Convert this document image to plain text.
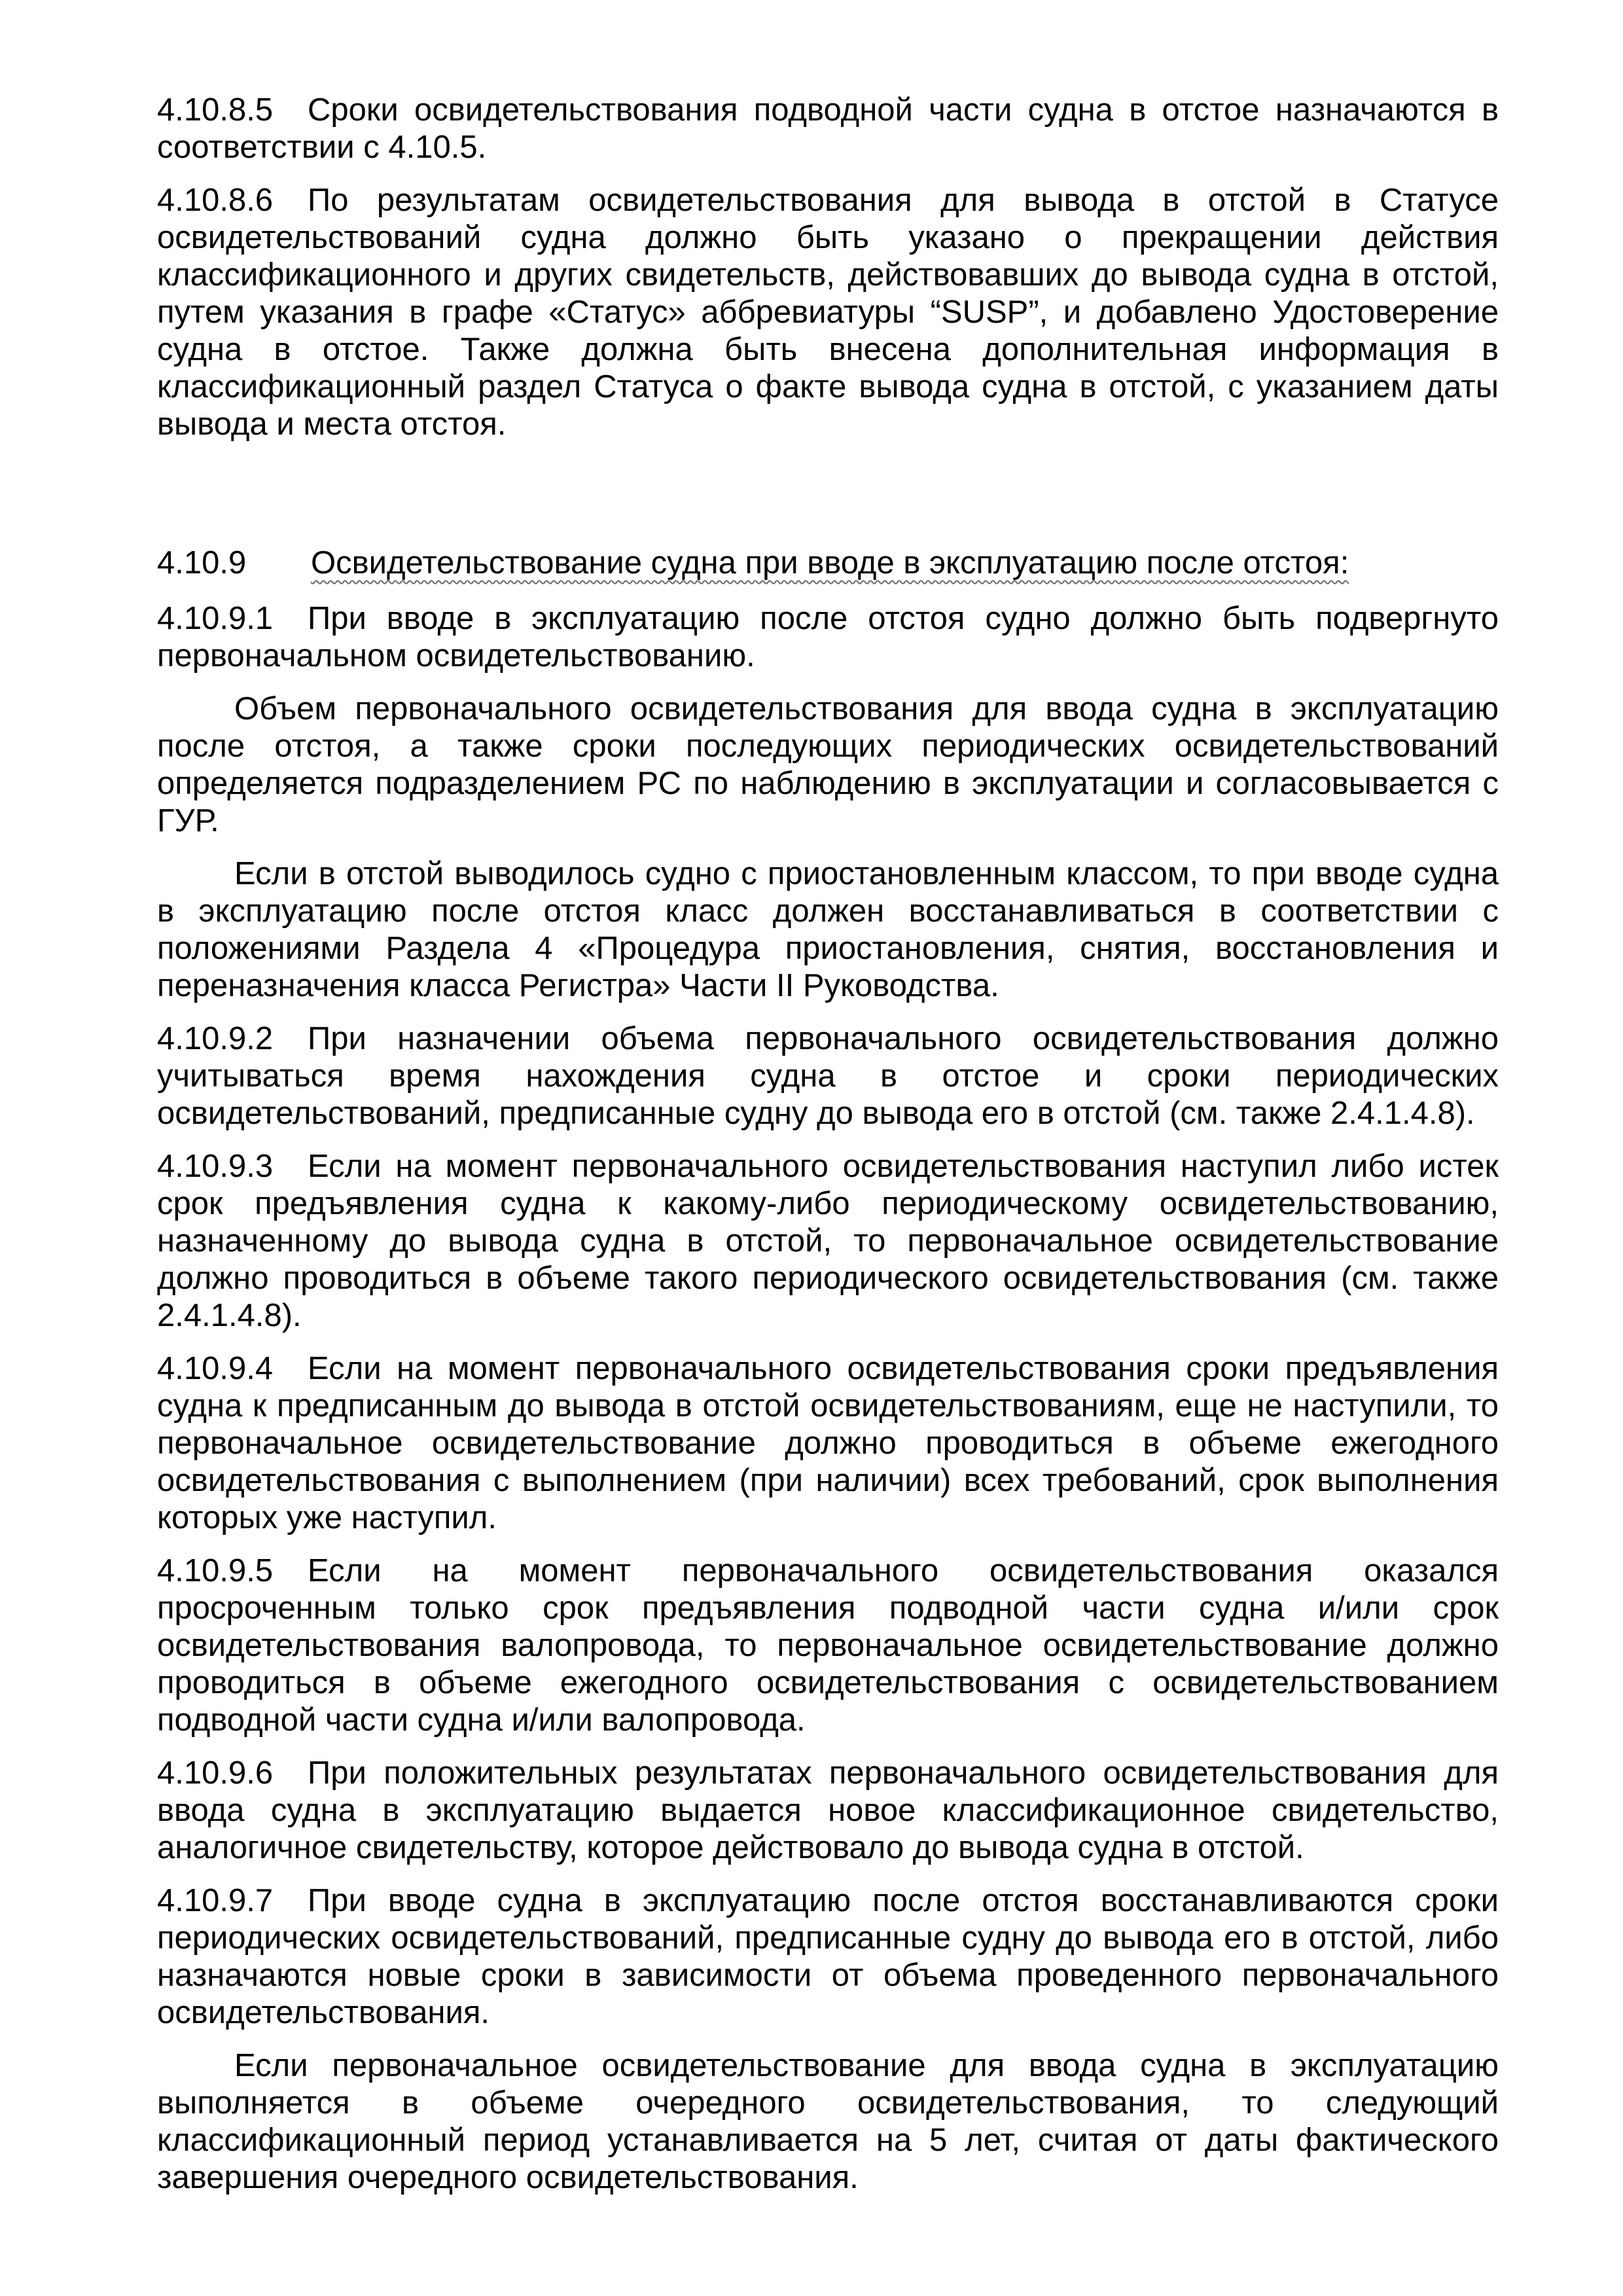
4.10.8.5 Сроки освидетельствования подводной части судна в отстое назначаются в соответствии с 4.10.5.

4.10.8.6 По результатам освидетельствования для вывода в отстой в Статусе освидетельствований судна должно быть указано о прекращении действия классификационного и других свидетельств, действовавших до вывода судна в отстой, путем указания в графе «Статус» аббревиатуры “SUSP”, и добавлено Удостоверение судна в отстое. Также должна быть внесена дополнительная информация в классификационный раздел Статуса о факте вывода судна в отстой, с указанием даты вывода и места отстоя.

4.10.9 Освидетельствование судна при вводе в эксплуатацию после отстоя:

4.10.9.1 При вводе в эксплуатацию после отстоя судно должно быть подвергнуто первоначальном освидетельствованию.

Объем первоначального освидетельствования для ввода судна в эксплуатацию после отстоя, а также сроки последующих периодических освидетельствований определяется подразделением РС по наблюдению в эксплуатации и согласовывается с ГУР.

Если в отстой выводилось судно с приостановленным классом, то при вводе судна в эксплуатацию после отстоя класс должен восстанавливаться в соответствии с положениями Раздела 4 «Процедура приостановления, снятия, восстановления и переназначения класса Регистра» Части II Руководства.

4.10.9.2 При назначении объема первоначального освидетельствования должно учитываться время нахождения судна в отстое и сроки периодических освидетельствований, предписанные судну до вывода его в отстой (см. также 2.4.1.4.8).

4.10.9.3 Если на момент первоначального освидетельствования наступил либо истек срок предъявления судна к какому-либо периодическому освидетельствованию, назначенному до вывода судна в отстой, то первоначальное освидетельствование должно проводиться в объеме такого периодического освидетельствования (см. также 2.4.1.4.8).

4.10.9.4 Если на момент первоначального освидетельствования сроки предъявления судна к предписанным до вывода в отстой освидетельствованиям, еще не наступили, то первоначальное освидетельствование должно проводиться в объеме ежегодного освидетельствования с выполнением (при наличии) всех требований, срок выполнения которых уже наступил.

4.10.9.5 Если на момент первоначального освидетельствования оказался просроченным только срок предъявления подводной части судна и/или срок освидетельствования валопровода, то первоначальное освидетельствование должно проводиться в объеме ежегодного освидетельствования с освидетельствованием подводной части судна и/или валопровода.

4.10.9.6 При положительных результатах первоначального освидетельствования для ввода судна в эксплуатацию выдается новое классификационное свидетельство, аналогичное свидетельству, которое действовало до вывода судна в отстой.

4.10.9.7 При вводе судна в эксплуатацию после отстоя восстанавливаются сроки периодических освидетельствований, предписанные судну до вывода его в отстой, либо назначаются новые сроки в зависимости от объема проведенного первоначального освидетельствования.

Если первоначальное освидетельствование для ввода судна в эксплуатацию выполняется в объеме очередного освидетельствования, то следующий классификационный период устанавливается на 5 лет, считая от даты фактического завершения очередного освидетельствования.
